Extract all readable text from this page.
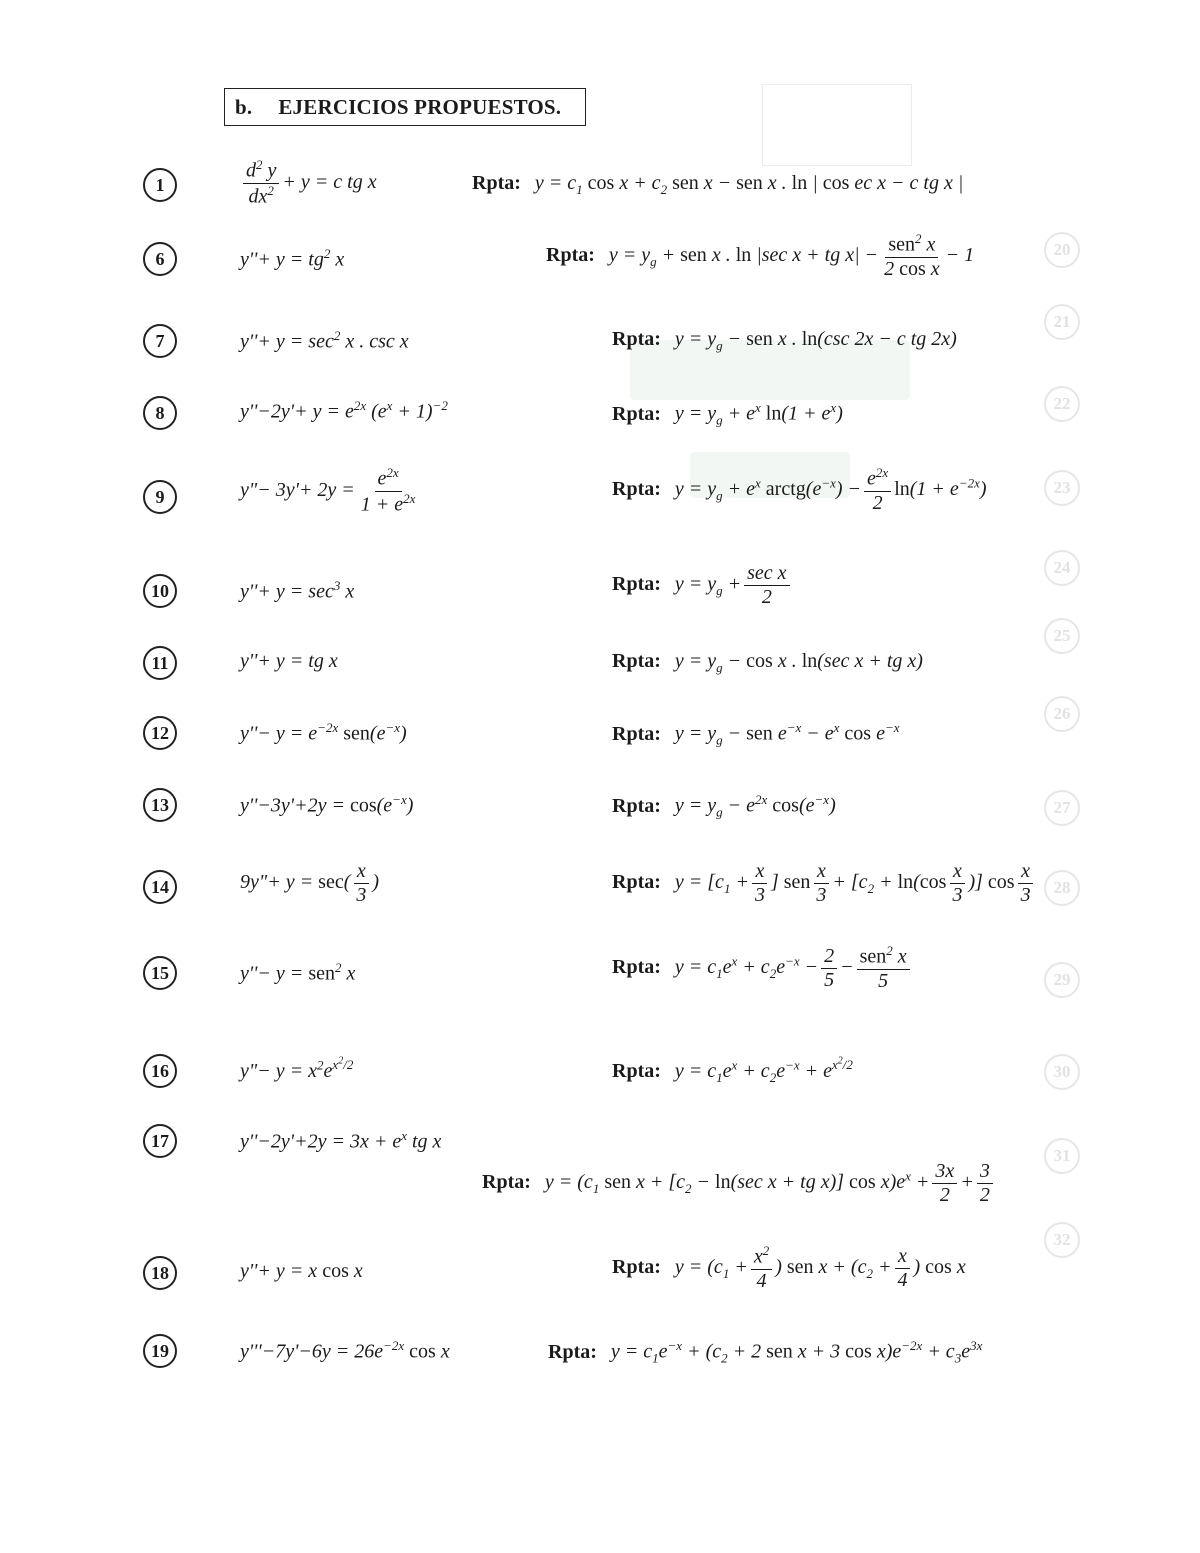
20
21
22
23
24
25
26
27
28
29
30
31
32
b. EJERCICIOS PROPUESTOS.
1	$\frac{d^2 y}{dx^2} + y = c$ tg x	Rpta: $y = c_1$ $\cos x + c_2$ sen x − sen x . ln | cos ec x − c tg x |
6	$y''+ y = tg^2$ x	Rpta: $y = y_g$ + sen x . ln |sec x + tg $x| - \frac{sen^2 x}{\text{2 cos x}} - 1$
7	$y''+ y = \sec^2 x$ . csc x	Rpta: $y = y_g$ − sen x . ln(csc 2x − c tg 2x)
8	$y''-2y'+ y = e^{2x}$ $(e^x + 1)^{-2}$	Rpta: $y = y_g + e^x$ $\ln(1 + e^x)$
9	y"− $3y'+ 2y = \frac{e^{2x}}{1 + e^{2x}}$	Rpta: $y = y_g + e^x$ $arctg(e^{-x}) - \frac{e^{2x}}{2} \ln(1 + e^{-2x})$
10	$y''+ y = \sec^3 x$	Rpta: $y = y_g + \frac{\text{sec x}}{2}$
11	y''+ y = tg x	Rpta: $y = y_g - \cos x$ . ln(sec x + tg x)
12	$y''- y = e^{-2x}$ $sen(e^{-x})$	Rpta: $y = y_g$ − sen $e^{-x} - e^x$ $\cos e^{-x}$
13	$y''-3y'+2y = \cos(e^{-x})$	Rpta: $y = y_g - e^{2x}$ $\cos(e^{-x})$
14	9y"+ $y = \sec( \frac{x}{3}$ )	Rpta: $y = [c_1 + \frac{x}{3}$ ] sen $\frac{x}{3} + [c_2 + \ln(\cos \frac{x}{3}$ )] $\cos \frac{x}{3}$
15	y''− y = sen$^2$ x	Rpta: $y = c_1e^x + c_2e^{-x} - \frac{2}{5} - \frac{sen^2 x}{5}$
16	y"− $y = x^2e^{x^2/2}$	Rpta: $y = c_1e^x + c_2e^{-x} + e^{x^2/2}$
17	$y''-2y'+2y = 3x + e^x$ tg x
Rpta: $y = (c_1$ sen $x + [c_2 - \ln(\sec$ x + tg x)] $\cos x)e^x + \frac{3x}{2} + \frac{3}{2}$
18	y''+ y = x cos x	Rpta: $y = (c_1 + \frac{x^2}{4}$ ) sen $x + (c_2 + \frac{x}{4}$ ) cos x
19	$y'''-7y'-6y = 26e^{-2x}$ cos x	Rpta: $y = c_1e^{-x} + (c_2 + 2$ sen x + 3 $\cos x)e^{-2x} + c_3e^{3x}$
